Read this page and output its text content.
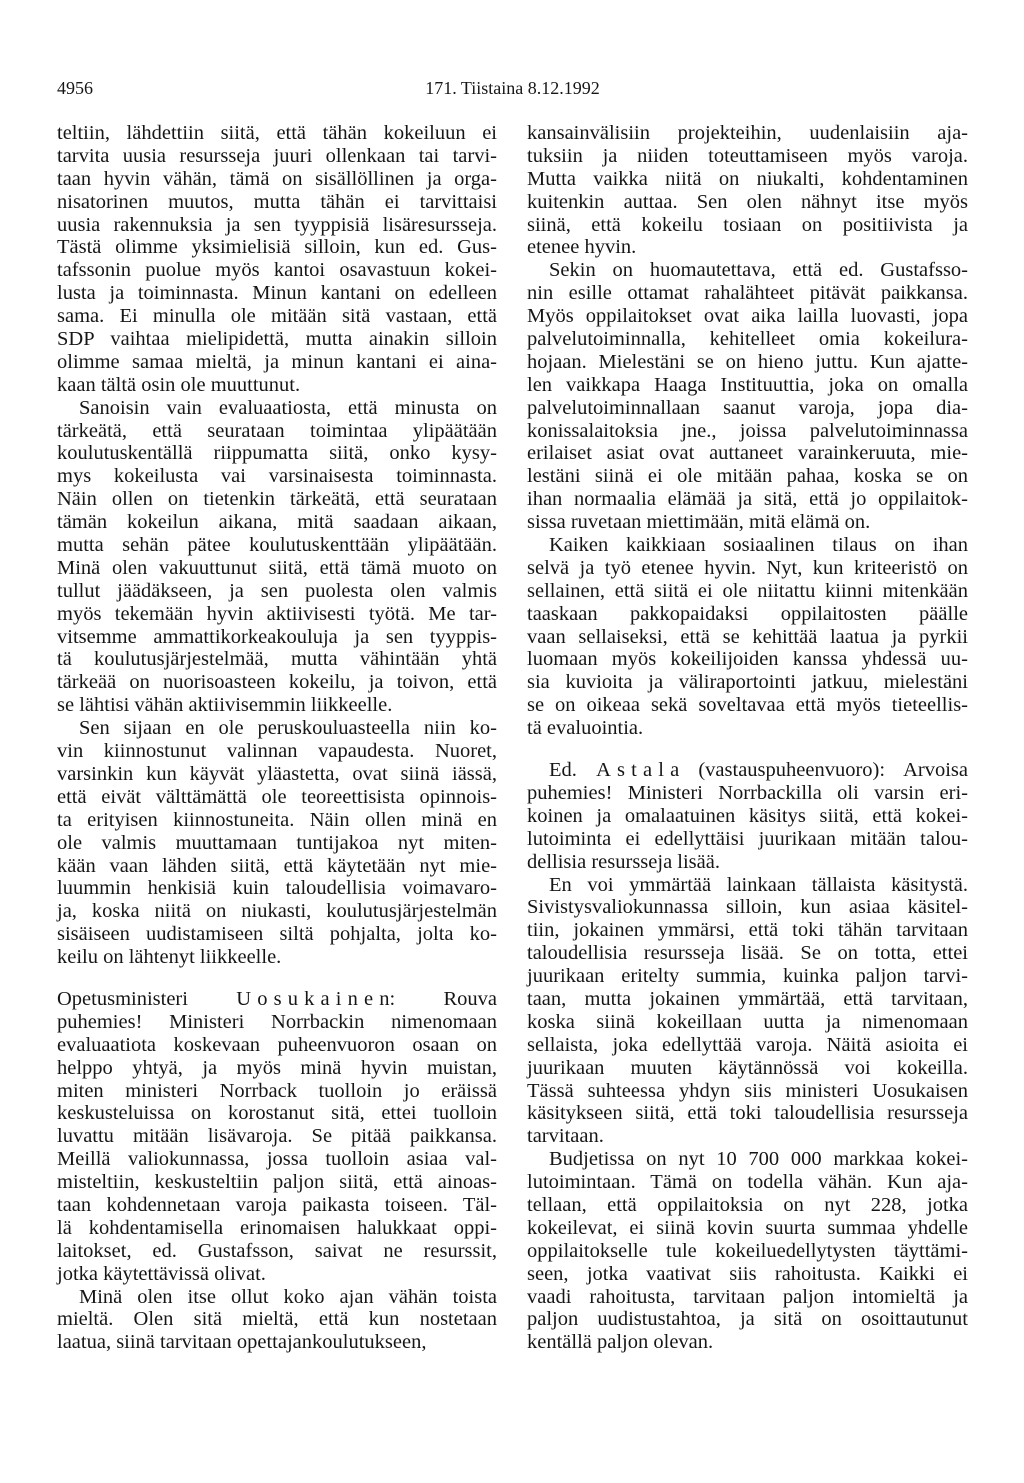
4956	171. Tiistaina 8.12.1992
teltiin, lähdettiin siitä, että tähän kokeiluun ei
tarvita uusia resursseja juuri ollenkaan tai tarvi-
taan hyvin vähän, tämä on sisällöllinen ja orga-
nisatorinen muutos, mutta tähän ei tarvittaisi
uusia rakennuksia ja sen tyyppisiä lisäresursseja.
Tästä olimme yksimielisiä silloin, kun ed. Gus-
tafssonin puolue myös kantoi osavastuun kokei-
lusta ja toiminnasta. Minun kantani on edelleen
sama. Ei minulla ole mitään sitä vastaan, että
SDP vaihtaa mielipidettä, mutta ainakin silloin
olimme samaa mieltä, ja minun kantani ei aina-
kaan tältä osin ole muuttunut.
Sanoisin vain evaluaatiosta, että minusta on
tärkeätä, että seurataan toimintaa ylipäätään
koulutuskentällä riippumatta siitä, onko kysy-
mys kokeilusta vai varsinaisesta toiminnasta.
Näin ollen on tietenkin tärkeätä, että seurataan
tämän kokeilun aikana, mitä saadaan aikaan,
mutta sehän pätee koulutuskenttään ylipäätään.
Minä olen vakuuttunut siitä, että tämä muoto on
tullut jäädäkseen, ja sen puolesta olen valmis
myös tekemään hyvin aktiivisesti työtä. Me tar-
vitsemme ammattikorkeakouluja ja sen tyyppis-
tä koulutusjärjestelmää, mutta vähintään yhtä
tärkeää on nuorisoasteen kokeilu, ja toivon, että
se lähtisi vähän aktiivisemmin liikkeelle.
Sen sijaan en ole peruskouluasteella niin ko-
vin kiinnostunut valinnan vapaudesta. Nuoret,
varsinkin kun käyvät yläastetta, ovat siinä iässä,
että eivät välttämättä ole teoreettisista opinnois-
ta erityisen kiinnostuneita. Näin ollen minä en
ole valmis muuttamaan tuntijakoa nyt miten-
kään vaan lähden siitä, että käytetään nyt mie-
luummin henkisiä kuin taloudellisia voimavaro-
ja, koska niitä on niukasti, koulutusjärjestelmän
sisäiseen uudistamiseen siltä pohjalta, jolta ko-
keilu on lähtenyt liikkeelle.
Opetusministeri Uosukainen: Rouva
puhemies! Ministeri Norrbackin nimenomaan
evaluaatiota koskevaan puheenvuoron osaan on
helppo yhtyä, ja myös minä hyvin muistan,
miten ministeri Norrback tuolloin jo eräissä
keskusteluissa on korostanut sitä, ettei tuolloin
luvattu mitään lisävaroja. Se pitää paikkansa.
Meillä valiokunnassa, jossa tuolloin asiaa val-
misteltiin, keskusteltiin paljon siitä, että ainoas-
taan kohdennetaan varoja paikasta toiseen. Täl-
lä kohdentamisella erinomaisen halukkaat oppi-
laitokset, ed. Gustafsson, saivat ne resurssit,
jotka käytettävissä olivat.
Minä olen itse ollut koko ajan vähän toista
mieltä. Olen sitä mieltä, että kun nostetaan
laatua, siinä tarvitaan opettajankoulutukseen,
kansainvälisiin projekteihin, uudenlaisiin aja-
tuksiin ja niiden toteuttamiseen myös varoja.
Mutta vaikka niitä on niukalti, kohdentaminen
kuitenkin auttaa. Sen olen nähnyt itse myös
siinä, että kokeilu tosiaan on positiivista ja
etenee hyvin.
Sekin on huomautettava, että ed. Gustafsso-
nin esille ottamat rahalähteet pitävät paikkansa.
Myös oppilaitokset ovat aika lailla luovasti, jopa
palvelutoiminnalla, kehitelleet omia kokeilura-
hojaan. Mielestäni se on hieno juttu. Kun ajatte-
len vaikkapa Haaga Instituuttia, joka on omalla
palvelutoiminnallaan saanut varoja, jopa dia-
konissalaitoksia jne., joissa palvelutoiminnassa
erilaiset asiat ovat auttaneet varainkeruuta, mie-
lestäni siinä ei ole mitään pahaa, koska se on
ihan normaalia elämää ja sitä, että jo oppilaitok-
sissa ruvetaan miettimään, mitä elämä on.
Kaiken kaikkiaan sosiaalinen tilaus on ihan
selvä ja työ etenee hyvin. Nyt, kun kriteeristö on
sellainen, että siitä ei ole niitattu kiinni mitenkään
taaskaan pakkopaidaksi oppilaitosten päälle
vaan sellaiseksi, että se kehittää laatua ja pyrkii
luomaan myös kokeilijoiden kanssa yhdessä uu-
sia kuvioita ja väliraportointi jatkuu, mielestäni
se on oikeaa sekä soveltavaa että myös tieteellis-
tä evaluointia.
Ed. Astala (vastauspuheenvuoro): Arvoisa
puhemies! Ministeri Norrbackilla oli varsin eri-
koinen ja omalaatuinen käsitys siitä, että kokei-
lutoiminta ei edellyttäisi juurikaan mitään talou-
dellisia resursseja lisää.
En voi ymmärtää lainkaan tällaista käsitystä.
Sivistysvaliokunnassa silloin, kun asiaa käsitel-
tiin, jokainen ymmärsi, että toki tähän tarvitaan
taloudellisia resursseja lisää. Se on totta, ettei
juurikaan eritelty summia, kuinka paljon tarvi-
taan, mutta jokainen ymmärtää, että tarvitaan,
koska siinä kokeillaan uutta ja nimenomaan
sellaista, joka edellyttää varoja. Näitä asioita ei
juurikaan muuten käytännössä voi kokeilla.
Tässä suhteessa yhdyn siis ministeri Uosukaisen
käsitykseen siitä, että toki taloudellisia resursseja
tarvitaan.
Budjetissa on nyt 10 700 000 markkaa kokei-
lutoimintaan. Tämä on todella vähän. Kun aja-
tellaan, että oppilaitoksia on nyt 228, jotka
kokeilevat, ei siinä kovin suurta summaa yhdelle
oppilaitokselle tule kokeiluedellytysten täyttämi-
seen, jotka vaativat siis rahoitusta. Kaikki ei
vaadi rahoitusta, tarvitaan paljon intomieltä ja
paljon uudistustahtoa, ja sitä on osoittautunut
kentällä paljon olevan.
